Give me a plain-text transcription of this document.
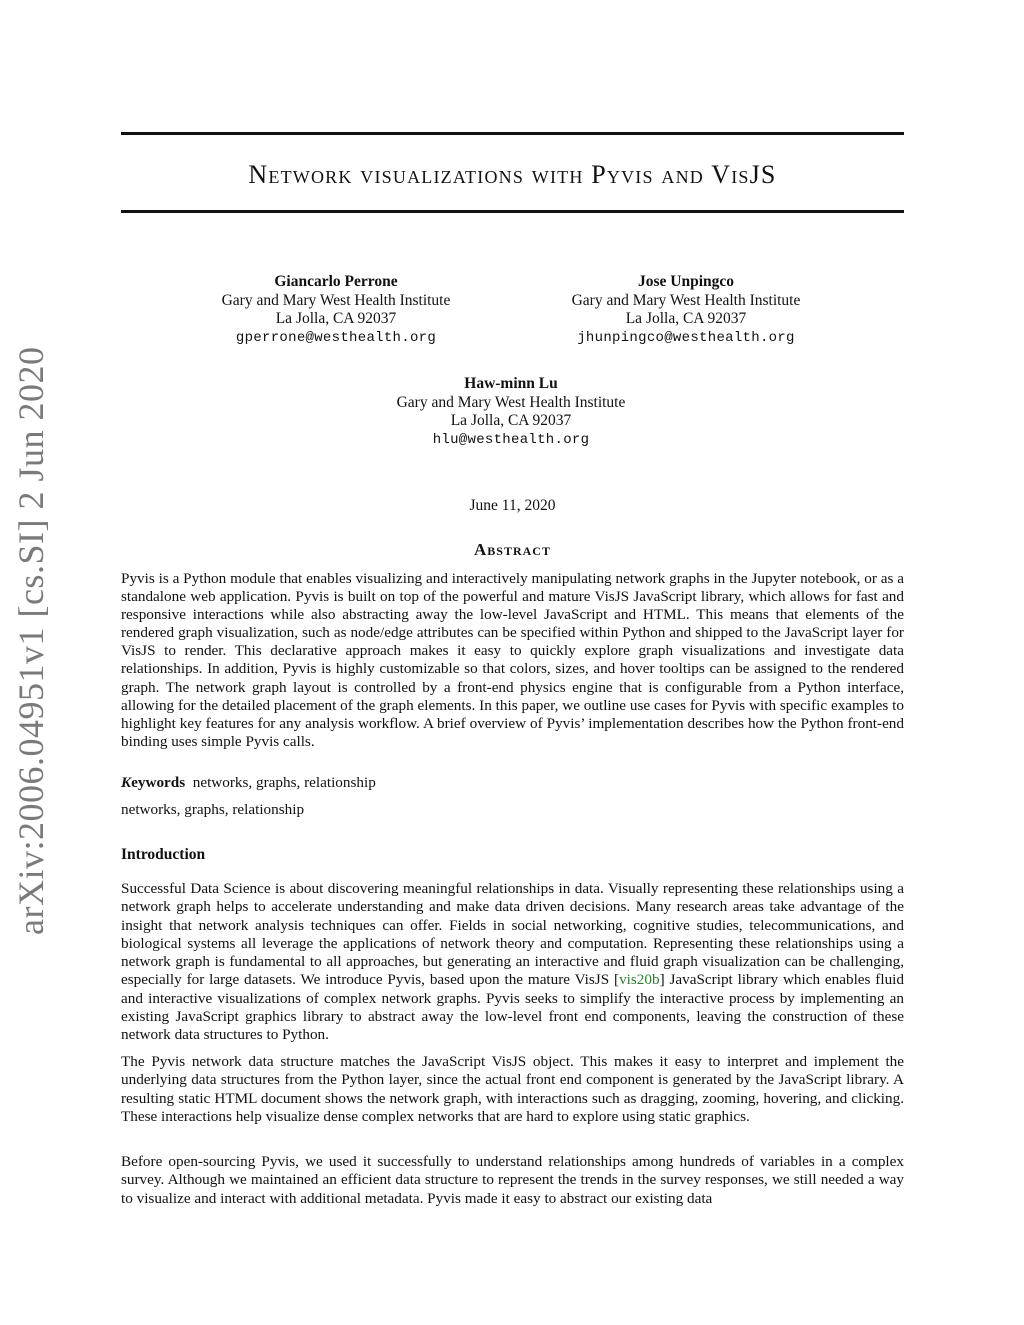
arXiv:2006.04951v1 [cs.SI] 2 Jun 2020
Network visualizations with Pyvis and VisJS
Giancarlo Perrone
Gary and Mary West Health Institute
La Jolla, CA 92037
gperrone@westhealth.org
Jose Unpingco
Gary and Mary West Health Institute
La Jolla, CA 92037
jhunpingco@westhealth.org
Haw-minn Lu
Gary and Mary West Health Institute
La Jolla, CA 92037
hlu@westhealth.org
June 11, 2020
Abstract
Pyvis is a Python module that enables visualizing and interactively manipulating network graphs in the Jupyter notebook, or as a standalone web application. Pyvis is built on top of the powerful and mature VisJS JavaScript library, which allows for fast and responsive interactions while also abstracting away the low-level JavaScript and HTML. This means that elements of the rendered graph visualization, such as node/edge attributes can be specified within Python and shipped to the JavaScript layer for VisJS to render. This declarative approach makes it easy to quickly explore graph visualizations and investigate data relationships. In addition, Pyvis is highly customizable so that colors, sizes, and hover tooltips can be assigned to the rendered graph. The network graph layout is controlled by a front-end physics engine that is configurable from a Python interface, allowing for the detailed placement of the graph elements. In this paper, we outline use cases for Pyvis with specific examples to highlight key features for any analysis workflow. A brief overview of Pyvis’ implementation describes how the Python front-end binding uses simple Pyvis calls.
Keywords networks, graphs, relationship
networks, graphs, relationship
Introduction
Successful Data Science is about discovering meaningful relationships in data. Visually representing these relationships using a network graph helps to accelerate understanding and make data driven decisions. Many research areas take advantage of the insight that network analysis techniques can offer. Fields in social networking, cognitive studies, telecommunications, and biological systems all leverage the applications of network theory and computation. Representing these relationships using a network graph is fundamental to all approaches, but generating an interactive and fluid graph visualization can be challenging, especially for large datasets. We introduce Pyvis, based upon the mature VisJS [vis20b] JavaScript library which enables fluid and interactive visualizations of complex network graphs. Pyvis seeks to simplify the interactive process by implementing an existing JavaScript graphics library to abstract away the low-level front end components, leaving the construction of these network data structures to Python.
The Pyvis network data structure matches the JavaScript VisJS object. This makes it easy to interpret and implement the underlying data structures from the Python layer, since the actual front end component is generated by the JavaScript library. A resulting static HTML document shows the network graph, with interactions such as dragging, zooming, hovering, and clicking. These interactions help visualize dense complex networks that are hard to explore using static graphics.
Before open-sourcing Pyvis, we used it successfully to understand relationships among hundreds of variables in a complex survey. Although we maintained an efficient data structure to represent the trends in the survey responses, we still needed a way to visualize and interact with additional metadata. Pyvis made it easy to abstract our existing data
